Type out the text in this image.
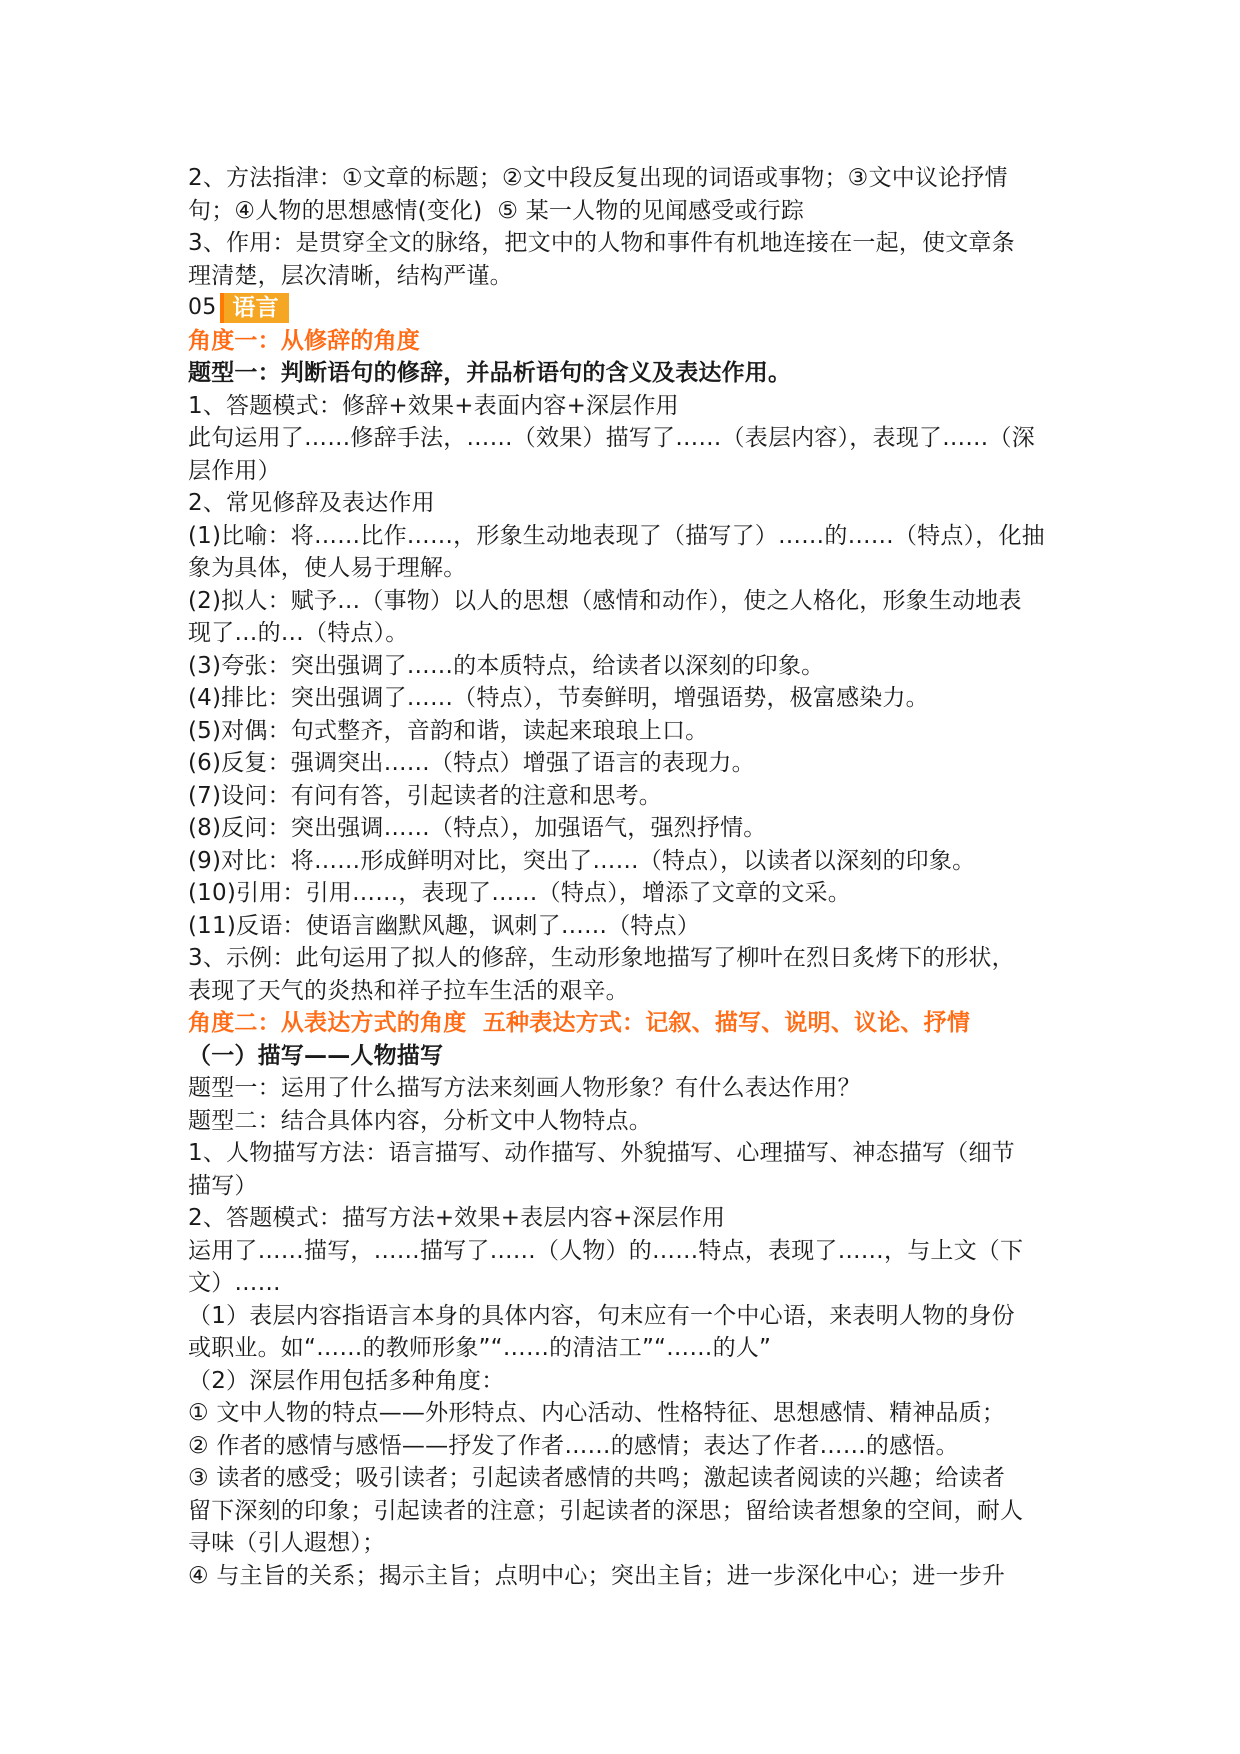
2、方法指津：①文章的标题；②文中段反复出现的词语或事物；③文中议论抒情
句；④人物的思想感情(变化)  ⑤ 某一人物的见闻感受或行踪
3、作用：是贯穿全文的脉络，把文中的人物和事件有机地连接在一起，使文章条
理清楚，层次清晰，结构严谨。
05 语言
角度一：从修辞的角度
题型一：判断语句的修辞，并品析语句的含义及表达作用。
1、答题模式：修辞+效果+表面内容+深层作用
此句运用了……修辞手法，……（效果）描写了……（表层内容），表现了……（深
层作用）
2、常见修辞及表达作用
(1)比喻：将……比作……，形象生动地表现了（描写了）……的……（特点），化抽
象为具体，使人易于理解。
(2)拟人：赋予…（事物）以人的思想（感情和动作），使之人格化，形象生动地表
现了…的…（特点）。
(3)夸张：突出强调了……的本质特点，给读者以深刻的印象。
(4)排比：突出强调了……（特点），节奏鲜明，增强语势，极富感染力。
(5)对偶：句式整齐，音韵和谐，读起来琅琅上口。
(6)反复：强调突出……（特点）增强了语言的表现力。
(7)设问：有问有答，引起读者的注意和思考。
(8)反问：突出强调……（特点），加强语气，强烈抒情。
(9)对比：将……形成鲜明对比，突出了……（特点），以读者以深刻的印象。
(10)引用：引用……，表现了……（特点），增添了文章的文采。
(11)反语：使语言幽默风趣，讽刺了……（特点）
3、示例：此句运用了拟人的修辞，生动形象地描写了柳叶在烈日炙烤下的形状，
表现了天气的炎热和祥子拉车生活的艰辛。
角度二：从表达方式的角度  五种表达方式：记叙、描写、说明、议论、抒情
（一）描写——人物描写
题型一：运用了什么描写方法来刻画人物形象？有什么表达作用？
题型二：结合具体内容，分析文中人物特点。
1、人物描写方法：语言描写、动作描写、外貌描写、心理描写、神态描写（细节
描写）
2、答题模式：描写方法+效果+表层内容+深层作用
运用了……描写，……描写了……（人物）的……特点，表现了……，与上文（下
文）……
（1）表层内容指语言本身的具体内容，句末应有一个中心语，来表明人物的身份
或职业。如“……的教师形象”“……的清洁工”“……的人”
（2）深层作用包括多种角度：
① 文中人物的特点——外形特点、内心活动、性格特征、思想感情、精神品质；
② 作者的感情与感悟——抒发了作者……的感情；表达了作者……的感悟。
③ 读者的感受；吸引读者；引起读者感情的共鸣；激起读者阅读的兴趣；给读者
留下深刻的印象；引起读者的注意；引起读者的深思；留给读者想象的空间，耐人
寻味（引人遐想）；
④ 与主旨的关系；揭示主旨；点明中心；突出主旨；进一步深化中心；进一步升
